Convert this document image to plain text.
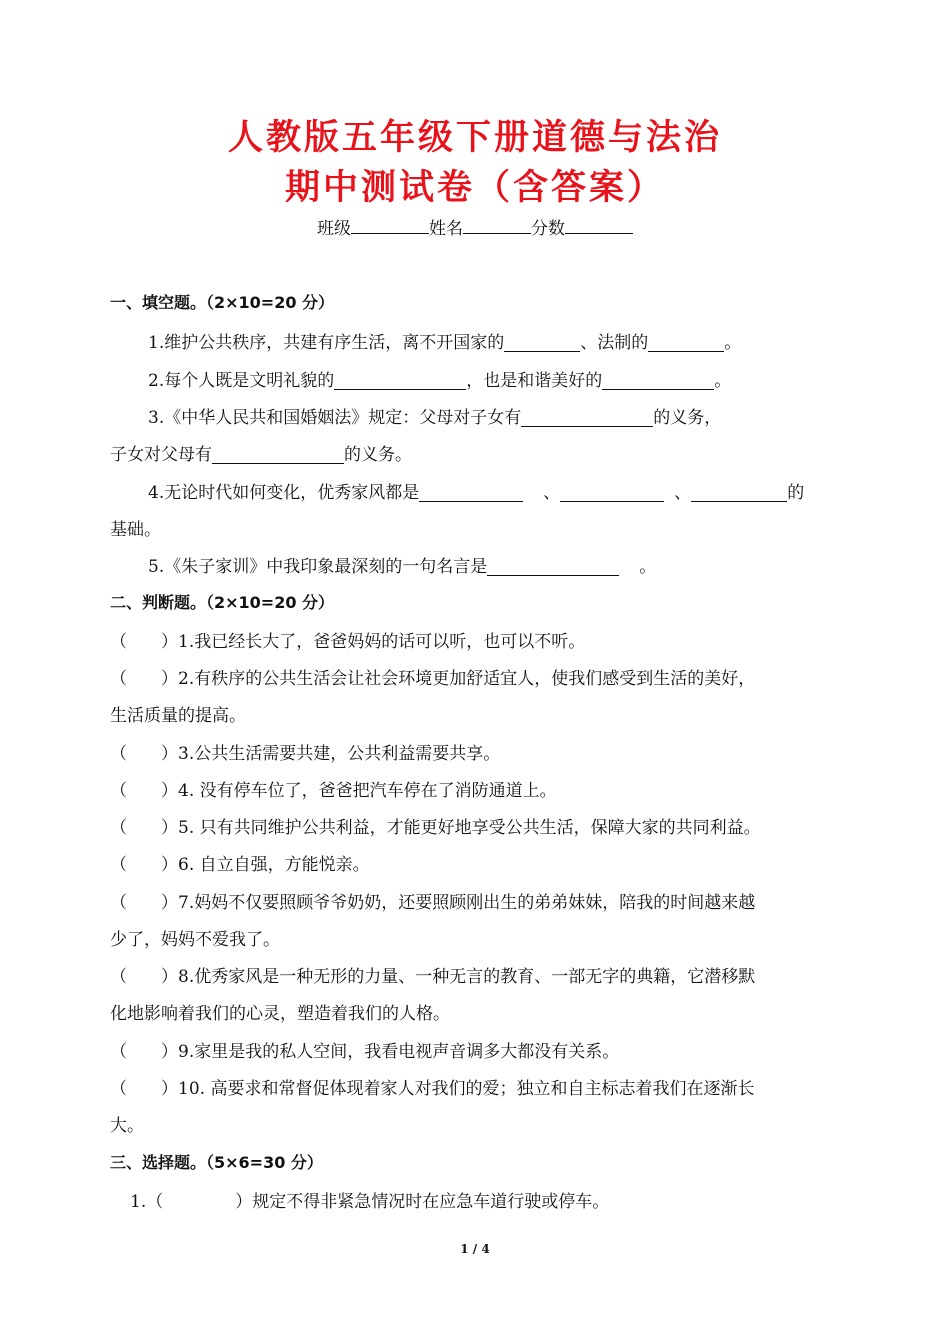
人教版五年级下册道德与法治
期中测试卷（含答案）
班级	姓名	分数
一、填空题。（2×10=20 分）
1.维护公共秩序，共建有序生活，离不开国家的	、法制的	。
2.每个人既是文明礼貌的	，也是和谐美好的	。
3.《中华人民共和国婚姻法》规定：父母对子女有	的义务，
子女对父母有	的义务。
4.无论时代如何变化，优秀家风都是	、	、	的
基础。
5.《朱子家训》中我印象最深刻的一句名言是	。
二、判断题。（2×10=20 分）
（　　）1.我已经长大了，爸爸妈妈的话可以听，也可以不听。
（　　）2.有秩序的公共生活会让社会环境更加舒适宜人，使我们感受到生活的美好，
生活质量的提高。
（　　）3.公共生活需要共建，公共利益需要共享。
（　　）4. 没有停车位了，爸爸把汽车停在了消防通道上。
（　　）5. 只有共同维护公共利益，才能更好地享受公共生活，保障大家的共同利益。
（　　）6. 自立自强，方能悦亲。
（　　）7.妈妈不仅要照顾爷爷奶奶，还要照顾刚出生的弟弟妹妹，陪我的时间越来越
少了，妈妈不爱我了。
（　　）8.优秀家风是一种无形的力量、一种无言的教育、一部无字的典籍，它潜移默
化地影响着我们的心灵，塑造着我们的人格。
（　　）9.家里是我的私人空间，我看电视声音调多大都没有关系。
（　　）10. 高要求和常督促体现着家人对我们的爱；独立和自主标志着我们在逐渐长
大。
三、选择题。（5×6=30 分）
1.（	）规定不得非紧急情况时在应急车道行驶或停车。
1 / 4
